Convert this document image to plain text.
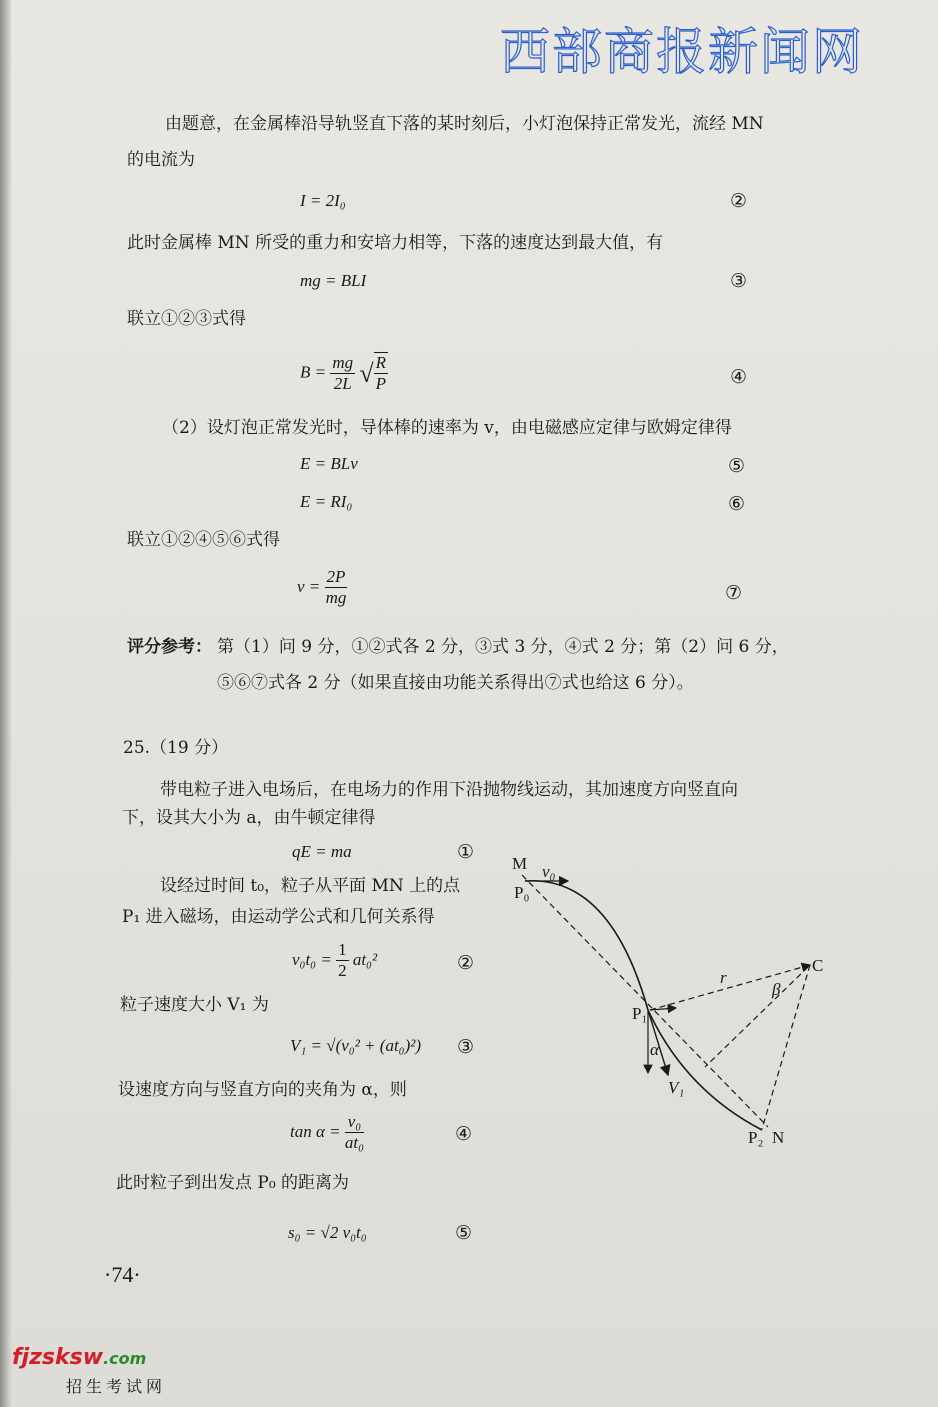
西部商报新闻网
由题意，在金属棒沿导轨竖直下落的某时刻后，小灯泡保持正常发光，流经 MN
的电流为
I = 2I₀	②
此时金属棒 MN 所受的重力和安培力相等，下落的速度达到最大值，有
mg = BLI	③
联立①②③式得
$B = \frac{mg}{2L}$ √ $\frac{R}{P}$	④
（2）设灯泡正常发光时，导体棒的速率为 v，由电磁感应定律与欧姆定律得
E = BLv	⑤
E = RI₀	⑥
联立①②④⑤⑥式得
$v = \frac{2P}{mg}$	⑦
评分参考： 第（1）问 9 分，①②式各 2 分，③式 3 分，④式 2 分；第（2）问 6 分，
⑤⑥⑦式各 2 分（如果直接由功能关系得出⑦式也给这 6 分）。
25.（19 分）
带电粒子进入电场后，在电场力的作用下沿抛物线运动，其加速度方向竖直向
下，设其大小为 a，由牛顿定律得
qE = ma	①
设经过时间 t₀，粒子从平面 MN 上的点
P₁ 进入磁场，由运动学公式和几何关系得
$v_0t_0 = \frac{1}{2} at_0^2$	②
粒子速度大小 V₁ 为
V₁ = √(v₀² + (at₀)²) ③
设速度方向与竖直方向的夹角为 α，则
$\tan \alpha = \frac{\text{v₀}}{\text{at₀}}$	④
此时粒子到出发点 P₀ 的距离为
s₀ = √2 v₀t₀	⑤
M
P₀
v₀
C
r
β
P₁
α
V₁
P₂ N
·74·
fjzsksw.com
招生考试网
